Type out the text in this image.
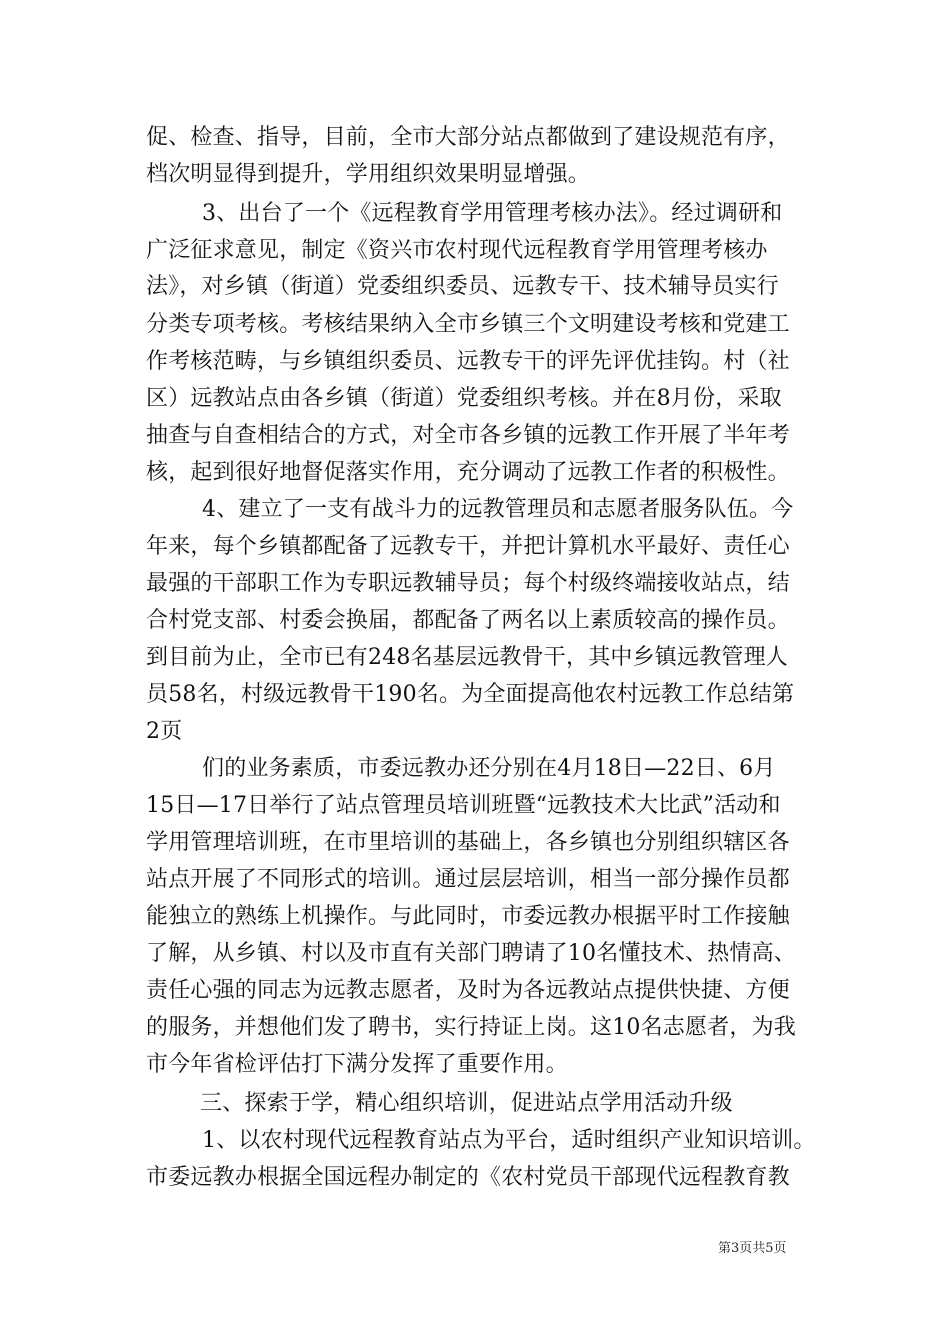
促、检查、指导，目前，全市大部分站点都做到了建设规范有序，
档次明显得到提升，学用组织效果明显增强。
3、出台了一个《远程教育学用管理考核办法》。经过调研和
广泛征求意见，制定《资兴市农村现代远程教育学用管理考核办
法》，对乡镇（街道）党委组织委员、远教专干、技术辅导员实行
分类专项考核。考核结果纳入全市乡镇三个文明建设考核和党建工
作考核范畴，与乡镇组织委员、远教专干的评先评优挂钩。村（社
区）远教站点由各乡镇（街道）党委组织考核。并在8月份，采取
抽查与自查相结合的方式，对全市各乡镇的远教工作开展了半年考
核，起到很好地督促落实作用，充分调动了远教工作者的积极性。
4、建立了一支有战斗力的远教管理员和志愿者服务队伍。今
年来，每个乡镇都配备了远教专干，并把计算机水平最好、责任心
最强的干部职工作为专职远教辅导员；每个村级终端接收站点，结
合村党支部、村委会换届，都配备了两名以上素质较高的操作员。
到目前为止，全市已有248名基层远教骨干，其中乡镇远教管理人
员58名，村级远教骨干190名。为全面提高他农村远教工作总结第
2页
们的业务素质，市委远教办还分别在4月18日—22日、6月
15日—17日举行了站点管理员培训班暨“远教技术大比武”活动和
学用管理培训班，在市里培训的基础上，各乡镇也分别组织辖区各
站点开展了不同形式的培训。通过层层培训，相当一部分操作员都
能独立的熟练上机操作。与此同时，市委远教办根据平时工作接触
了解，从乡镇、村以及市直有关部门聘请了10名懂技术、热情高、
责任心强的同志为远教志愿者，及时为各远教站点提供快捷、方便
的服务，并想他们发了聘书，实行持证上岗。这10名志愿者，为我
市今年省检评估打下满分发挥了重要作用。
三、探索于学，精心组织培训，促进站点学用活动升级
1、以农村现代远程教育站点为平台，适时组织产业知识培训。
市委远教办根据全国远程办制定的《农村党员干部现代远程教育教
第3页共5页
